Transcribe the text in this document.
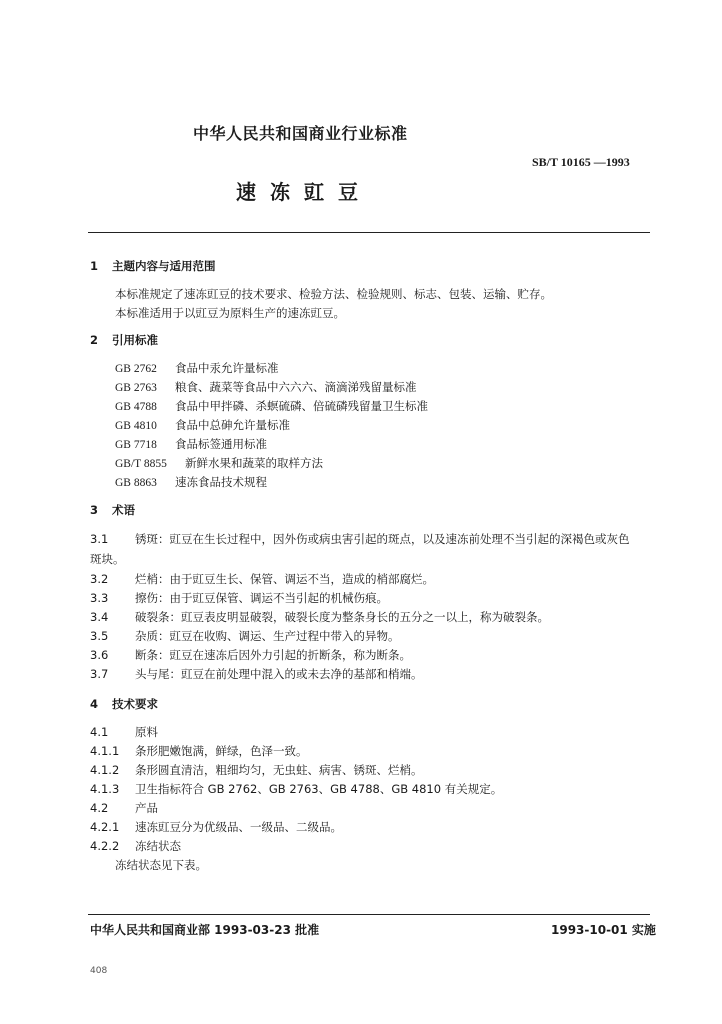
中华人民共和国商业行业标准
SB/T 10165 —1993
速 冻 豇 豆
1 主题内容与适用范围
本标准规定了速冻豇豆的技术要求、检验方法、检验规则、标志、包装、运输、贮存。
本标准适用于以豇豆为原料生产的速冻豇豆。
2 引用标准
GB 2762 食品中汞允许量标准
GB 2763 粮食、蔬菜等食品中六六六、滴滴涕残留量标准
GB 4788 食品中甲拌磷、杀螟硫磷、倍硫磷残留量卫生标准
GB 4810 食品中总砷允许量标准
GB 7718 食品标签通用标准
GB/T 8855 新鲜水果和蔬菜的取样方法
GB 8863 速冻食品技术规程
3 术语
3.1 锈斑：豇豆在生长过程中，因外伤或病虫害引起的斑点，以及速冻前处理不当引起的深褐色或灰色
斑块。
3.2 烂梢：由于豇豆生长、保管、调运不当，造成的梢部腐烂。
3.3 擦伤：由于豇豆保管、调运不当引起的机械伤痕。
3.4 破裂条：豇豆表皮明显破裂，破裂长度为整条身长的五分之一以上，称为破裂条。
3.5 杂质：豇豆在收购、调运、生产过程中带入的异物。
3.6 断条：豇豆在速冻后因外力引起的折断条，称为断条。
3.7 头与尾：豇豆在前处理中混入的或未去净的基部和梢端。
4 技术要求
4.1 原料
4.1.1 条形肥嫩饱满，鲜绿，色泽一致。
4.1.2 条形圆直清洁，粗细均匀，无虫蛀、病害、锈斑、烂梢。
4.1.3 卫生指标符合 GB 2762、GB 2763、GB 4788、GB 4810 有关规定。
4.2 产品
4.2.1 速冻豇豆分为优级品、一级品、二级品。
4.2.2 冻结状态
冻结状态见下表。
中华人民共和国商业部 1993-03-23 批准	1993-10-01 实施
408
